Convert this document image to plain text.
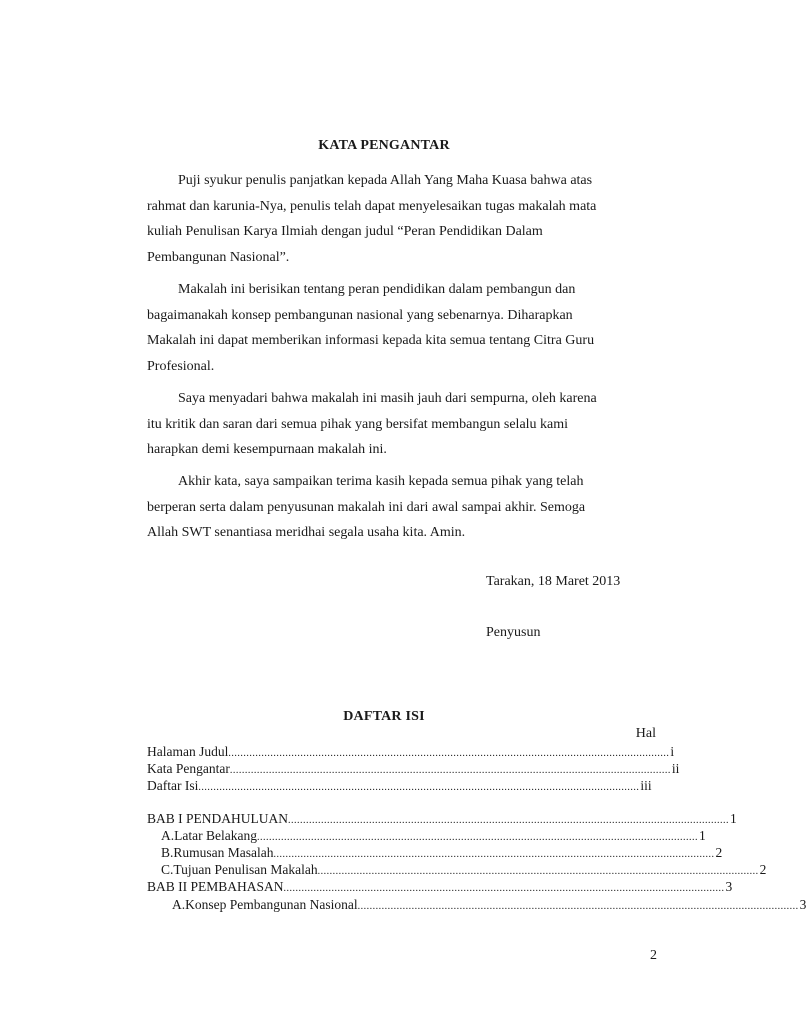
KATA PENGANTAR

Puji syukur penulis panjatkan kepada Allah Yang Maha Kuasa bahwa atas
rahmat dan karunia-Nya, penulis telah dapat menyelesaikan tugas makalah mata
kuliah Penulisan Karya Ilmiah dengan judul “Peran Pendidikan Dalam
Pembangunan Nasional”.

Makalah ini berisikan tentang peran pendidikan dalam pembangun dan
bagaimanakah konsep pembangunan nasional yang sebenarnya. Diharapkan
Makalah ini dapat memberikan informasi kepada kita semua tentang Citra Guru
Profesional.

Saya menyadari bahwa makalah ini masih jauh dari sempurna, oleh karena
itu kritik dan saran dari semua pihak yang bersifat membangun selalu kami
harapkan demi kesempurnaan makalah ini.

Akhir kata, saya sampaikan terima kasih kepada semua pihak yang telah
berperan serta dalam penyusunan makalah ini dari awal sampai akhir. Semoga
Allah SWT senantiasa meridhai segala usaha kita. Amin.

Tarakan, 18 Maret 2013
Penyusun
DAFTAR ISI
Hal
Halaman Judul ................................................................................................................................................... i
Kata Pengantar ................................................................................................................................................... ii
Daftar Isi ................................................................................................................................................... iii
BAB I PENDAHULUAN ................................................................................................................................................... 1
A. Latar Belakang ................................................................................................................................................... 1
B. Rumusan Masalah ................................................................................................................................................... 2
C. Tujuan Penulisan Makalah ................................................................................................................................................... 2
BAB II PEMBAHASAN ................................................................................................................................................... 3
A. Konsep Pembangunan Nasional ................................................................................................................................................... 3
2
